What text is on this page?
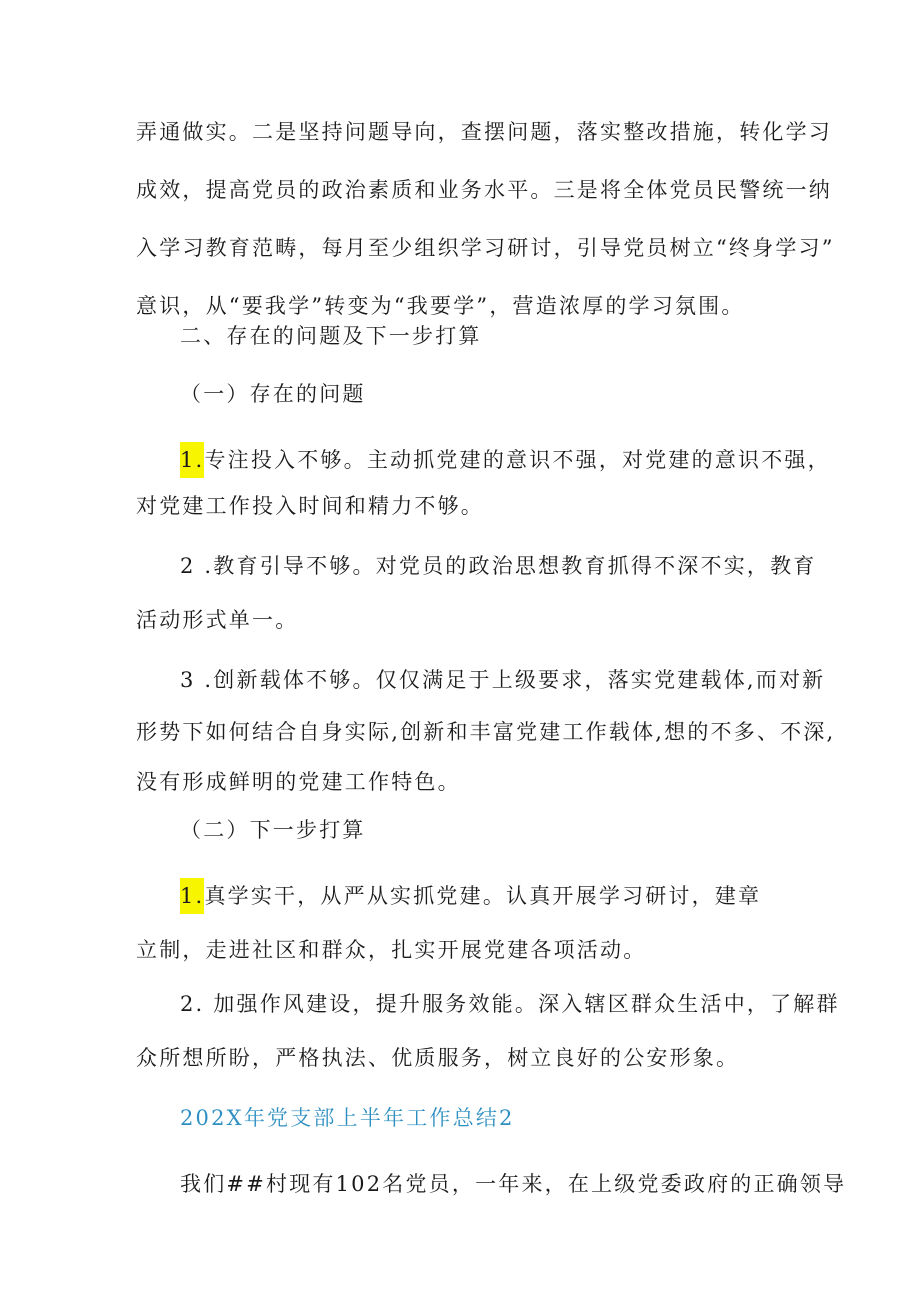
弄通做实。二是坚持问题导向，查摆问题，落实整改措施，转化学习
成效，提高党员的政治素质和业务水平。三是将全体党员民警统一纳
入学习教育范畴，每月至少组织学习研讨，引导党员树立“终身学习”
意识，从“要我学”转变为“我要学”，营造浓厚的学习氛围。
二、存在的问题及下一步打算
（一）存在的问题
1.专注投入不够。主动抓党建的意识不强，对党建的意识不强，
对党建工作投入时间和精力不够。
2 .教育引导不够。对党员的政治思想教育抓得不深不实，教育
活动形式单一。
3 .创新载体不够。仅仅满足于上级要求，落实党建载体,而对新
形势下如何结合自身实际,创新和丰富党建工作载体,想的不多、不深,
没有形成鲜明的党建工作特色。
（二）下一步打算
1.真学实干，从严从实抓党建。认真开展学习研讨，建章
立制，走进社区和群众，扎实开展党建各项活动。
2. 加强作风建设，提升服务效能。深入辖区群众生活中，了解群
众所想所盼，严格执法、优质服务，树立良好的公安形象。
202X年党支部上半年工作总结2
我们##村现有102名党员，一年来，在上级党委政府的正确领导
